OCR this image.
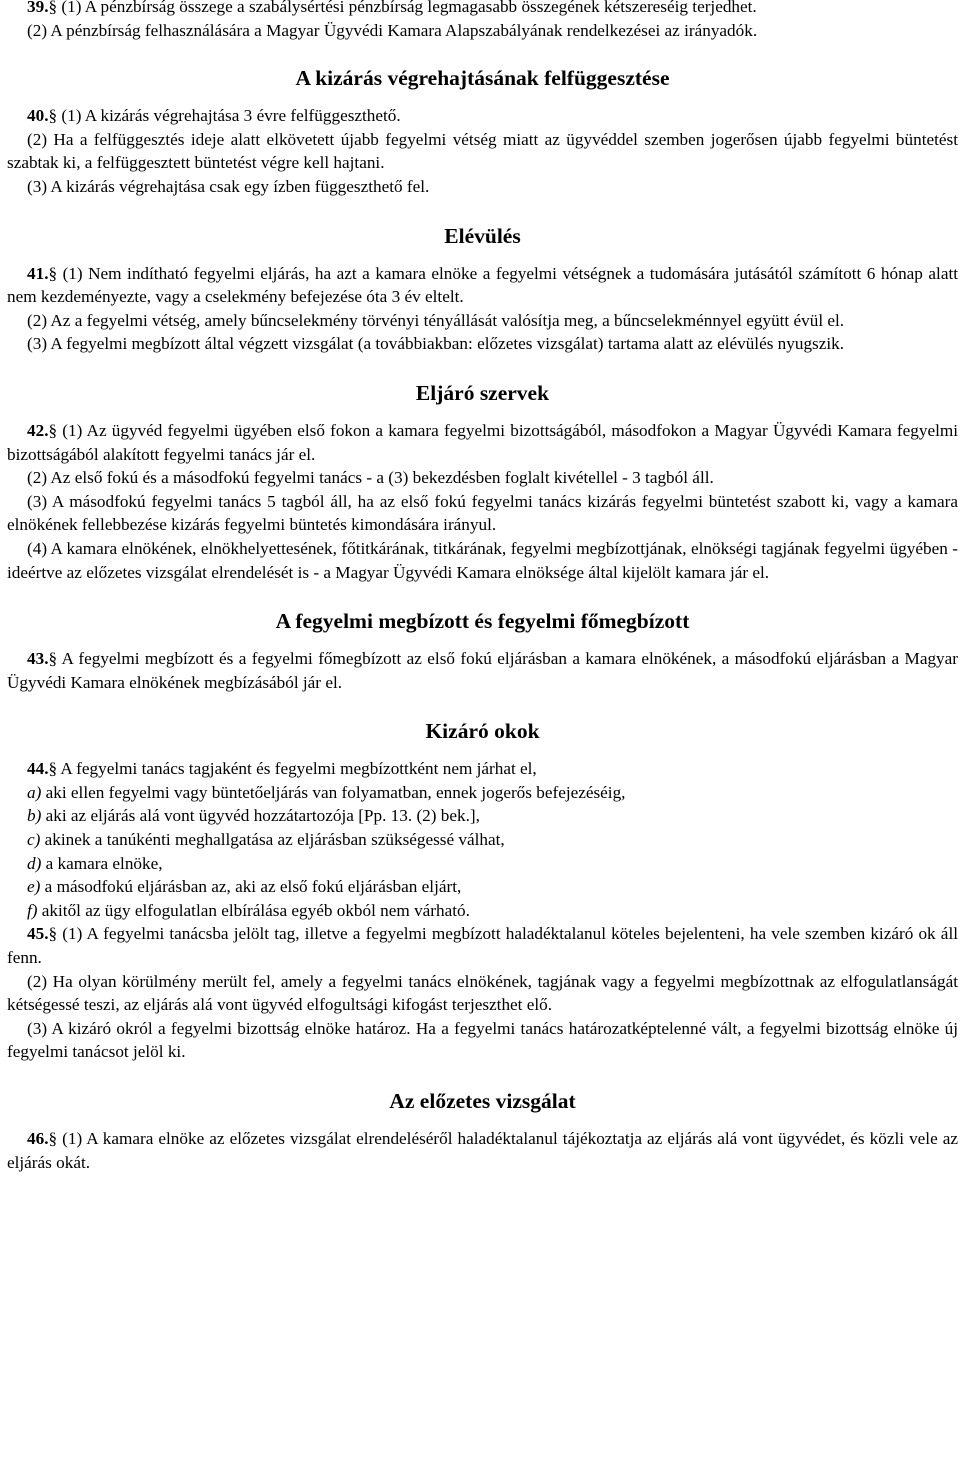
39.§ (1) A pénzbírság összege a szabálysértési pénzbírság legmagasabb összegének kétszereséig terjedhet.

(2) A pénzbírság felhasználására a Magyar Ügyvédi Kamara Alapszabályának rendelkezései az irányadók.

A kizárás végrehajtásának felfüggesztése

40.§ (1) A kizárás végrehajtása 3 évre felfüggeszthető.

(2) Ha a felfüggesztés ideje alatt elkövetett újabb fegyelmi vétség miatt az ügyvéddel szemben jogerősen újabb fegyelmi büntetést szabtak ki, a felfüggesztett büntetést végre kell hajtani.

(3) A kizárás végrehajtása csak egy ízben függeszthető fel.

Elévülés

41.§ (1) Nem indítható fegyelmi eljárás, ha azt a kamara elnöke a fegyelmi vétségnek a tudomására jutásától számított 6 hónap alatt nem kezdeményezte, vagy a cselekmény befejezése óta 3 év eltelt.

(2) Az a fegyelmi vétség, amely bűncselekmény törvényi tényállását valósítja meg, a bűncselekménnyel együtt évül el.

(3) A fegyelmi megbízott által végzett vizsgálat (a továbbiakban: előzetes vizsgálat) tartama alatt az elévülés nyugszik.

Eljáró szervek

42.§ (1) Az ügyvéd fegyelmi ügyében első fokon a kamara fegyelmi bizottságából, másodfokon a Magyar Ügyvédi Kamara fegyelmi bizottságából alakított fegyelmi tanács jár el.

(2) Az első fokú és a másodfokú fegyelmi tanács - a (3) bekezdésben foglalt kivétellel - 3 tagból áll.

(3) A másodfokú fegyelmi tanács 5 tagból áll, ha az első fokú fegyelmi tanács kizárás fegyelmi büntetést szabott ki, vagy a kamara elnökének fellebbezése kizárás fegyelmi büntetés kimondására irányul.

(4) A kamara elnökének, elnökhelyettesének, főtitkárának, titkárának, fegyelmi megbízottjának, elnökségi tagjának fegyelmi ügyében - ideértve az előzetes vizsgálat elrendelését is - a Magyar Ügyvédi Kamara elnöksége által kijelölt kamara jár el.

A fegyelmi megbízott és fegyelmi főmegbízott

43.§ A fegyelmi megbízott és a fegyelmi főmegbízott az első fokú eljárásban a kamara elnökének, a másodfokú eljárásban a Magyar Ügyvédi Kamara elnökének megbízásából jár el.

Kizáró okok

44.§ A fegyelmi tanács tagjaként és fegyelmi megbízottként nem járhat el,

a) aki ellen fegyelmi vagy büntetőeljárás van folyamatban, ennek jogerős befejezéséig,

b) aki az eljárás alá vont ügyvéd hozzátartozója [Pp. 13. (2) bek.],

c) akinek a tanúkénti meghallgatása az eljárásban szükségessé válhat,

d) a kamara elnöke,

e) a másodfokú eljárásban az, aki az első fokú eljárásban eljárt,

f) akitől az ügy elfogulatlan elbírálása egyéb okból nem várható.

45.§ (1) A fegyelmi tanácsba jelölt tag, illetve a fegyelmi megbízott haladéktalanul köteles bejelenteni, ha vele szemben kizáró ok áll fenn.

(2) Ha olyan körülmény merült fel, amely a fegyelmi tanács elnökének, tagjának vagy a fegyelmi megbízottnak az elfogulatlanságát kétségessé teszi, az eljárás alá vont ügyvéd elfogultsági kifogást terjeszthet elő.

(3) A kizáró okról a fegyelmi bizottság elnöke határoz. Ha a fegyelmi tanács határozatképtelenné vált, a fegyelmi bizottság elnöke új fegyelmi tanácsot jelöl ki.

Az előzetes vizsgálat

46.§ (1) A kamara elnöke az előzetes vizsgálat elrendeléséről haladéktalanul tájékoztatja az eljárás alá vont ügyvédet, és közli vele az eljárás okát.
